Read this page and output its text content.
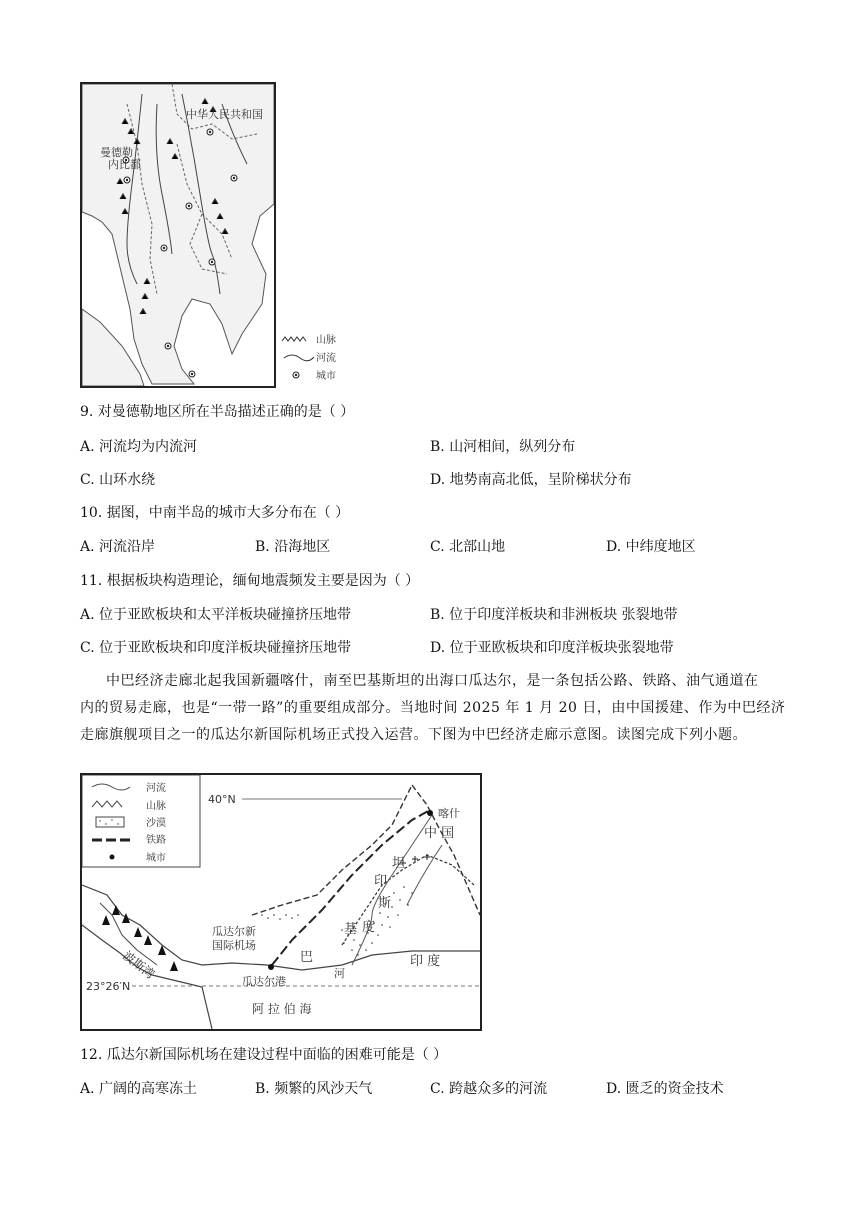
中华人民共和国
曼德勒
内比都
山脉
河流
城市
9. 对曼德勒地区所在半岛描述正确的是（ ）
A. 河流均为内流河	B. 山河相间，纵列分布
C. 山环水绕	D. 地势南高北低，呈阶梯状分布
10. 据图，中南半岛的城市大多分布在（ ）
A. 河流沿岸	B. 沿海地区	C. 北部山地	D. 中纬度地区
11. 根据板块构造理论，缅甸地震频发主要是因为（ ）
A. 位于亚欧板块和太平洋板块碰撞挤压地带	B. 位于印度洋板块和非洲板块 张裂地带
C. 位于亚欧板块和印度洋板块碰撞挤压地带	D. 位于亚欧板块和印度洋板块张裂地带
中巴经济走廊北起我国新疆喀什，南至巴基斯坦的出海口瓜达尔，是一条包括公路、铁路、油气通道在
内的贸易走廊，也是“一带一路”的重要组成部分。当地时间 2025 年 1 月 20 日，由中国援建、作为中巴经济
走廊旗舰项目之一的瓜达尔新国际机场正式投入运营。下图为中巴经济走廊示意图。读图完成下列小题。
河流
山脉
沙漠
铁路
城市
40°N
喀什
中 国
印
坦
斯
基 度
巴
河
印 度
瓜达尔新
国际机场
波斯湾	瓜达尔港
23°26′N
阿 拉 伯 海
12. 瓜达尔新国际机场在建设过程中面临的困难可能是（ ）
A. 广阔的高寒冻土	B. 频繁的风沙天气	C. 跨越众多的河流	D. 匮乏的资金技术
